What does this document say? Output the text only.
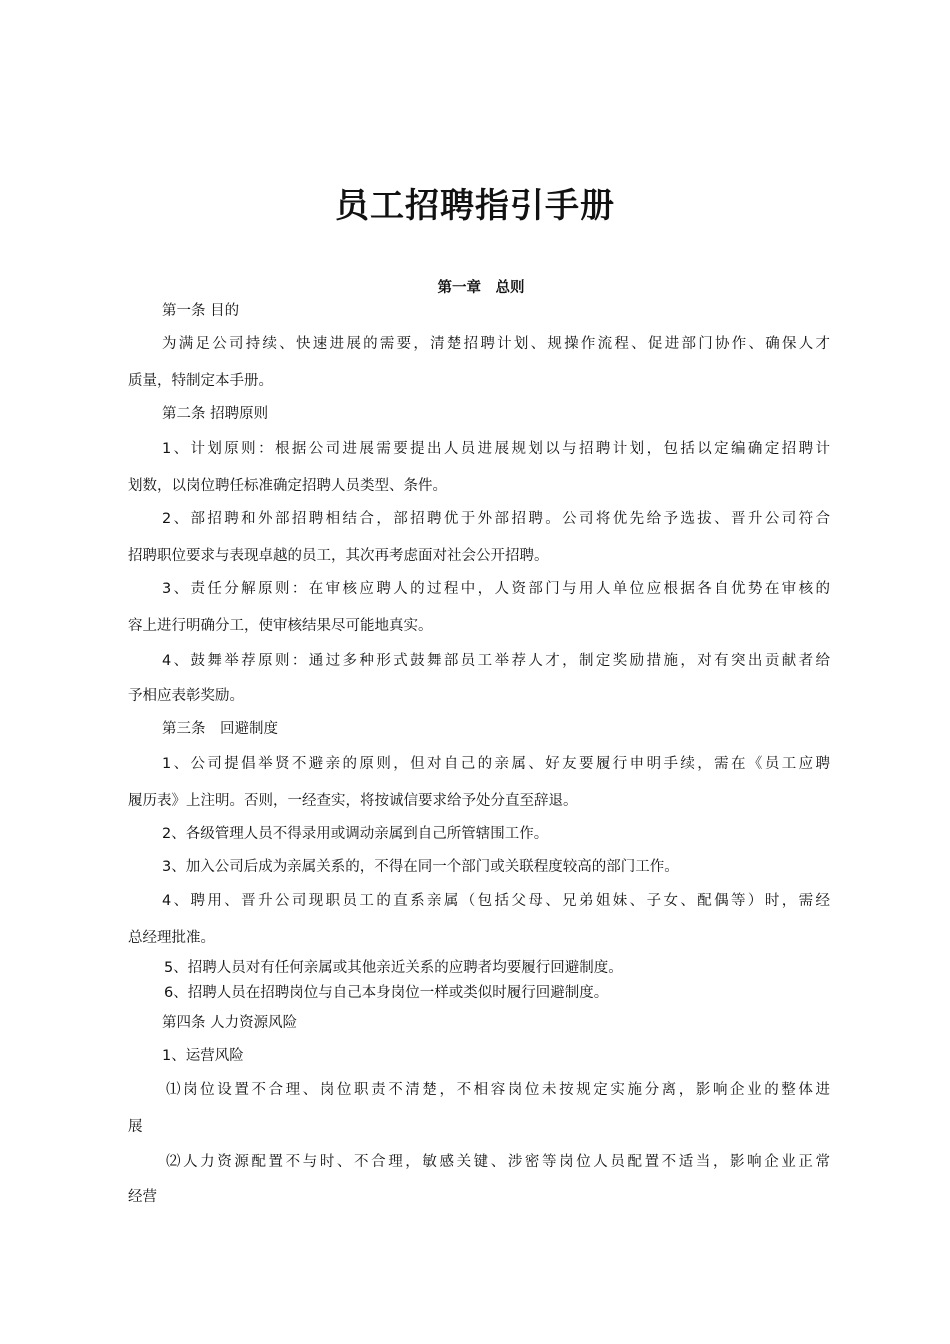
员工招聘指引手册
第一章　总则

第一条 目的

为满足公司持续、快速进展的需要，清楚招聘计划、规操作流程、促进部门协作、确保人才

质量，特制定本手册。

第二条 招聘原则

1、计划原则：根据公司进展需要提出人员进展规划以与招聘计划，包括以定编确定招聘计

划数，以岗位聘任标准确定招聘人员类型、条件。

2、部招聘和外部招聘相结合，部招聘优于外部招聘。公司将优先给予选拔、晋升公司符合

招聘职位要求与表现卓越的员工，其次再考虑面对社会公开招聘。

3、责任分解原则：在审核应聘人的过程中，人资部门与用人单位应根据各自优势在审核的

容上进行明确分工，使审核结果尽可能地真实。

4、鼓舞举荐原则：通过多种形式鼓舞部员工举荐人才，制定奖励措施，对有突出贡献者给

予相应表彰奖励。

第三条　回避制度

1、公司提倡举贤不避亲的原则，但对自己的亲属、好友要履行申明手续，需在《员工应聘

履历表》上注明。否则，一经查实，将按诚信要求给予处分直至辞退。

2、各级管理人员不得录用或调动亲属到自己所管辖围工作。

3、加入公司后成为亲属关系的，不得在同一个部门或关联程度较高的部门工作。

4、聘用、晋升公司现职员工的直系亲属（包括父母、兄弟姐妹、子女、配偶等）时，需经

总经理批准。

5、招聘人员对有任何亲属或其他亲近关系的应聘者均要履行回避制度。

6、招聘人员在招聘岗位与自己本身岗位一样或类似时履行回避制度。

第四条 人力资源风险

1、运营风险

⑴岗位设置不合理、岗位职责不清楚，不相容岗位未按规定实施分离，影响企业的整体进

展

⑵人力资源配置不与时、不合理，敏感关键、涉密等岗位人员配置不适当，影响企业正常

经营
